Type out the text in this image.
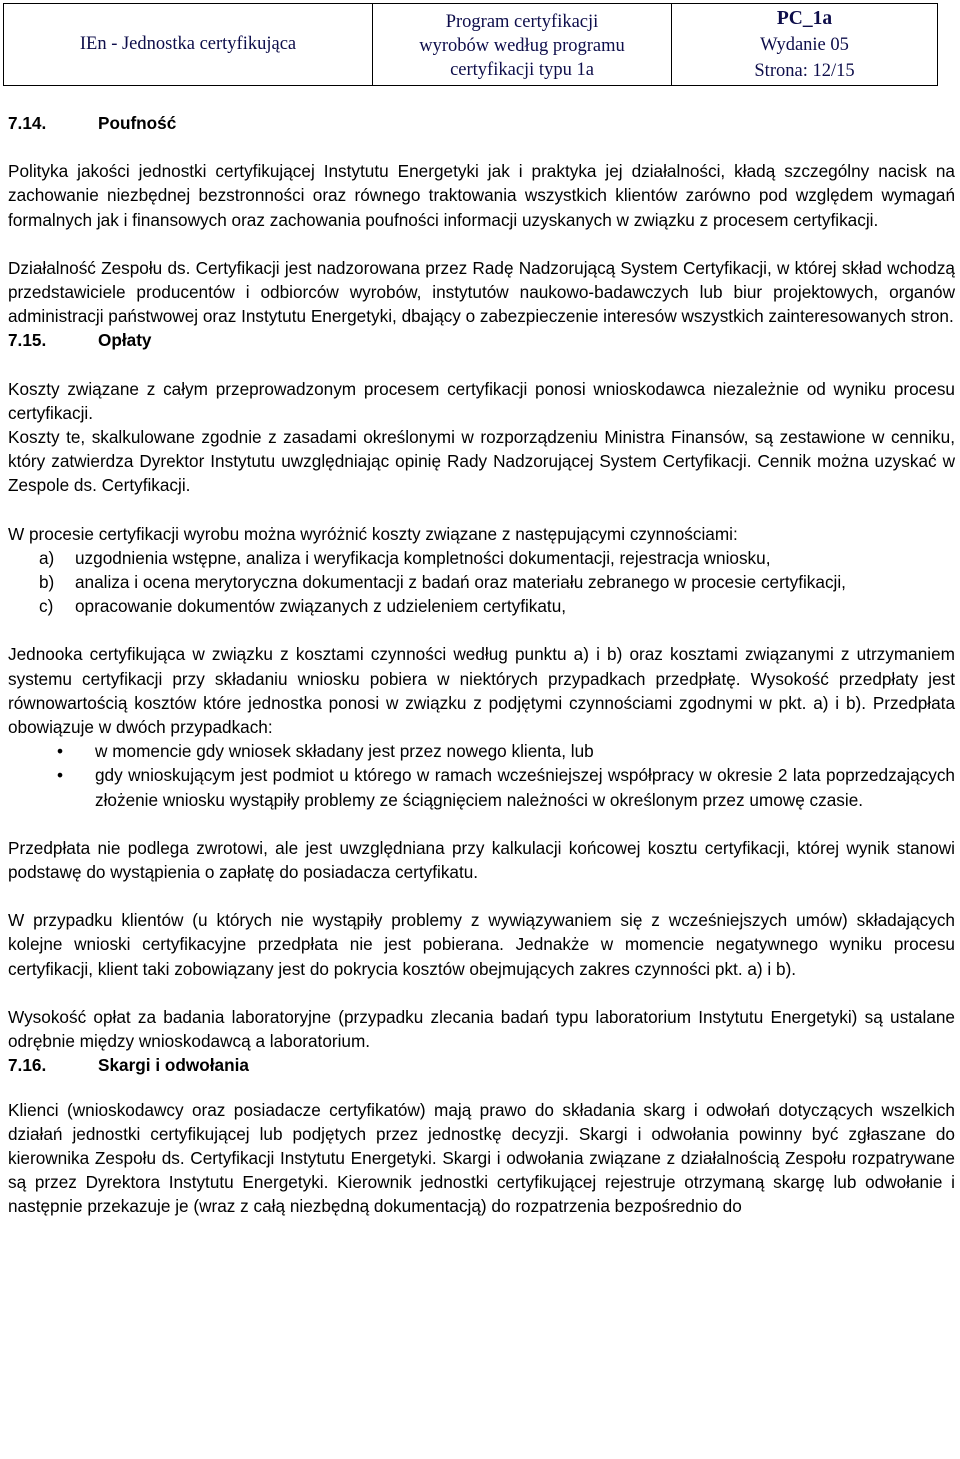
IEn - Jednostka certyfikująca	
Program certyfikacji
wyrobów według programu
certyfikacji typu 1a

PC_1a
Wydanie 05
Strona: 12/15
7.14.	Poufność

Polityka jakości jednostki certyfikującej Instytutu Energetyki jak i praktyka jej działalności, kładą szczególny nacisk na zachowanie niezbędnej bezstronności oraz równego traktowania wszystkich klientów zarówno pod względem wymagań formalnych jak i finansowych oraz zachowania poufności informacji uzyskanych w związku z procesem certyfikacji.

Działalność Zespołu ds. Certyfikacji jest nadzorowana przez Radę Nadzorującą System Certyfikacji, w której skład wchodzą przedstawiciele producentów i odbiorców wyrobów, instytutów naukowo-badawczych lub biur projektowych, organów administracji państwowej oraz Instytutu Energetyki, dbający o zabezpieczenie interesów wszystkich zainteresowanych stron.

7.15.	Opłaty

Koszty związane z całym przeprowadzonym procesem certyfikacji ponosi wnioskodawca niezależnie od wyniku procesu certyfikacji.

Koszty te, skalkulowane zgodnie z zasadami określonymi w rozporządzeniu Ministra Finansów, są zestawione w cenniku, który zatwierdza Dyrektor Instytutu uwzględniając opinię Rady Nadzorującej System Certyfikacji. Cennik można uzyskać w Zespole ds. Certyfikacji.

W procesie certyfikacji wyrobu można wyróżnić koszty związane z następującymi czynnościami:

a) uzgodnienia wstępne, analiza i weryfikacja kompletności dokumentacji, rejestracja wniosku,
b) analiza i ocena merytoryczna dokumentacji z badań oraz materiału zebranego w procesie certyfikacji,
c) opracowanie dokumentów związanych z udzieleniem certyfikatu,

Jednooka certyfikująca w związku z kosztami czynności według punktu a) i b) oraz kosztami związanymi z utrzymaniem systemu certyfikacji przy składaniu wniosku pobiera w niektórych przypadkach przedpłatę. Wysokość przedpłaty jest równowartością kosztów które jednostka ponosi w związku z podjętymi czynnościami zgodnymi w pkt. a) i b). Przedpłata obowiązuje w dwóch przypadkach:

• w momencie gdy wniosek składany jest przez nowego klienta, lub
• gdy wnioskującym jest podmiot u którego w ramach wcześniejszej współpracy w okresie 2 lata poprzedzających złożenie wniosku wystąpiły problemy ze ściągnięciem należności w określonym przez umowę czasie.

Przedpłata nie podlega zwrotowi, ale jest uwzględniana przy kalkulacji końcowej kosztu certyfikacji, której wynik stanowi podstawę do wystąpienia o zapłatę do posiadacza certyfikatu.

W przypadku klientów (u których nie wystąpiły problemy z wywiązywaniem się z wcześniejszych umów) składających kolejne wnioski certyfikacyjne przedpłata nie jest pobierana. Jednakże w momencie negatywnego wyniku procesu certyfikacji, klient taki zobowiązany jest do pokrycia kosztów obejmujących zakres czynności pkt. a) i b).

Wysokość opłat za badania laboratoryjne (przypadku zlecania badań typu laboratorium Instytutu Energetyki) są ustalane odrębnie między wnioskodawcą a laboratorium.

7.16.	Skargi i odwołania

Klienci (wnioskodawcy oraz posiadacze certyfikatów) mają prawo do składania skarg i odwołań dotyczących wszelkich działań jednostki certyfikującej lub podjętych przez jednostkę decyzji. Skargi i odwołania powinny być zgłaszane do kierownika Zespołu ds. Certyfikacji Instytutu Energetyki. Skargi i odwołania związane z działalnością Zespołu rozpatrywane są przez Dyrektora Instytutu Energetyki. Kierownik jednostki certyfikującej rejestruje otrzymaną skargę lub odwołanie i następnie przekazuje je (wraz z całą niezbędną dokumentacją) do rozpatrzenia bezpośrednio do
